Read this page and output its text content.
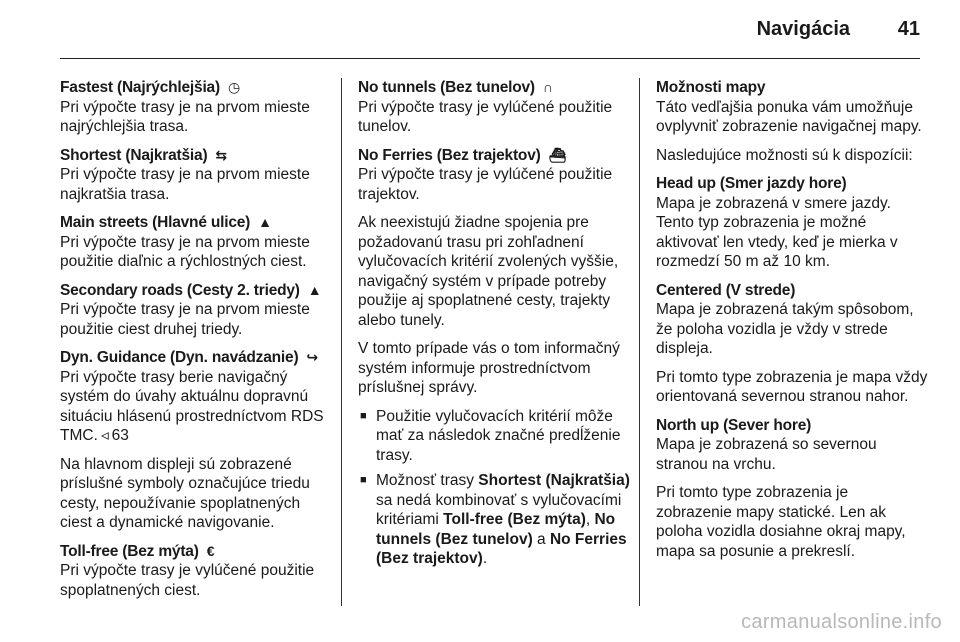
Navigácia 41
Fastest (Najrýchlejšia) ◷
Pri výpočte trasy je na prvom mieste najrýchlejšia trasa.
Shortest (Najkratšia) ⇆
Pri výpočte trasy je na prvom mieste najkratšia trasa.
Main streets (Hlavné ulice) ▲
Pri výpočte trasy je na prvom mieste použitie diaľnic a rýchlostných ciest.
Secondary roads (Cesty 2. triedy) ▲
Pri výpočte trasy je na prvom mieste použitie ciest druhej triedy.
Dyn. Guidance (Dyn. navádzanie) ↪
Pri výpočte trasy berie navigačný systém do úvahy aktuálnu dopravnú situáciu hlásenú prostredníctvom RDS TMC. ◃ 63
Na hlavnom displeji sú zobrazené príslušné symboly označujúce triedu cesty, nepoužívanie spoplatnených ciest a dynamické navigovanie.
Toll-free (Bez mýta) €
Pri výpočte trasy je vylúčené použitie spoplatnených ciest.
No tunnels (Bez tunelov) ∩
Pri výpočte trasy je vylúčené použitie tunelov.
No Ferries (Bez trajektov) ⛴
Pri výpočte trasy je vylúčené použitie trajektov.
Ak neexistujú žiadne spojenia pre požadovanú trasu pri zohľadnení vylučovacích kritérií zvolených vyššie, navigačný systém v prípade potreby použije aj spoplatnené cesty, trajekty alebo tunely.
V tomto prípade vás o tom informačný systém informuje prostredníctvom príslušnej správy.
■ Použitie vylučovacích kritérií môže mať za následok značné predĺženie trasy.
■ Možnosť trasy Shortest (Najkratšia) sa nedá kombinovať s vylučovacími kritériami Toll-free (Bez mýta), No tunnels (Bez tunelov) a No Ferries (Bez trajektov).
Možnosti mapy
Táto vedľajšia ponuka vám umožňuje ovplyvniť zobrazenie navigačnej mapy.
Nasledujúce možnosti sú k dispozícii:
Head up (Smer jazdy hore)
Mapa je zobrazená v smere jazdy. Tento typ zobrazenia je možné aktivovať len vtedy, keď je mierka v rozmedzí 50 m až 10 km.
Centered (V strede)
Mapa je zobrazená takým spôsobom, že poloha vozidla je vždy v strede displeja.
Pri tomto type zobrazenia je mapa vždy orientovaná severnou stranou nahor.
North up (Sever hore)
Mapa je zobrazená so severnou stranou na vrchu.
Pri tomto type zobrazenia je zobrazenie mapy statické. Len ak poloha vozidla dosiahne okraj mapy, mapa sa posunie a prekreslí.
carmanualsonline.info
